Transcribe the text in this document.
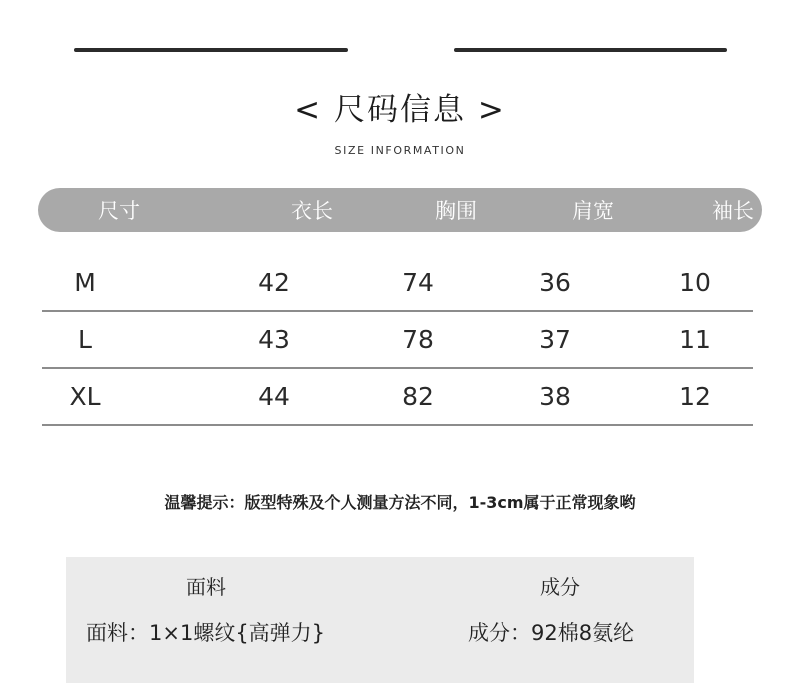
< 尺码信息 >
SIZE INFORMATION
尺寸	衣长	胸围	肩宽	袖长
M	42	74	36	10
L	43	78	37	11
XL	44	82	38	12
温馨提示：版型特殊及个人测量方法不同，1-3cm属于正常现象哟
面料	成分
面料：1×1螺纹{高弹力}	成分：92棉8氨纶
